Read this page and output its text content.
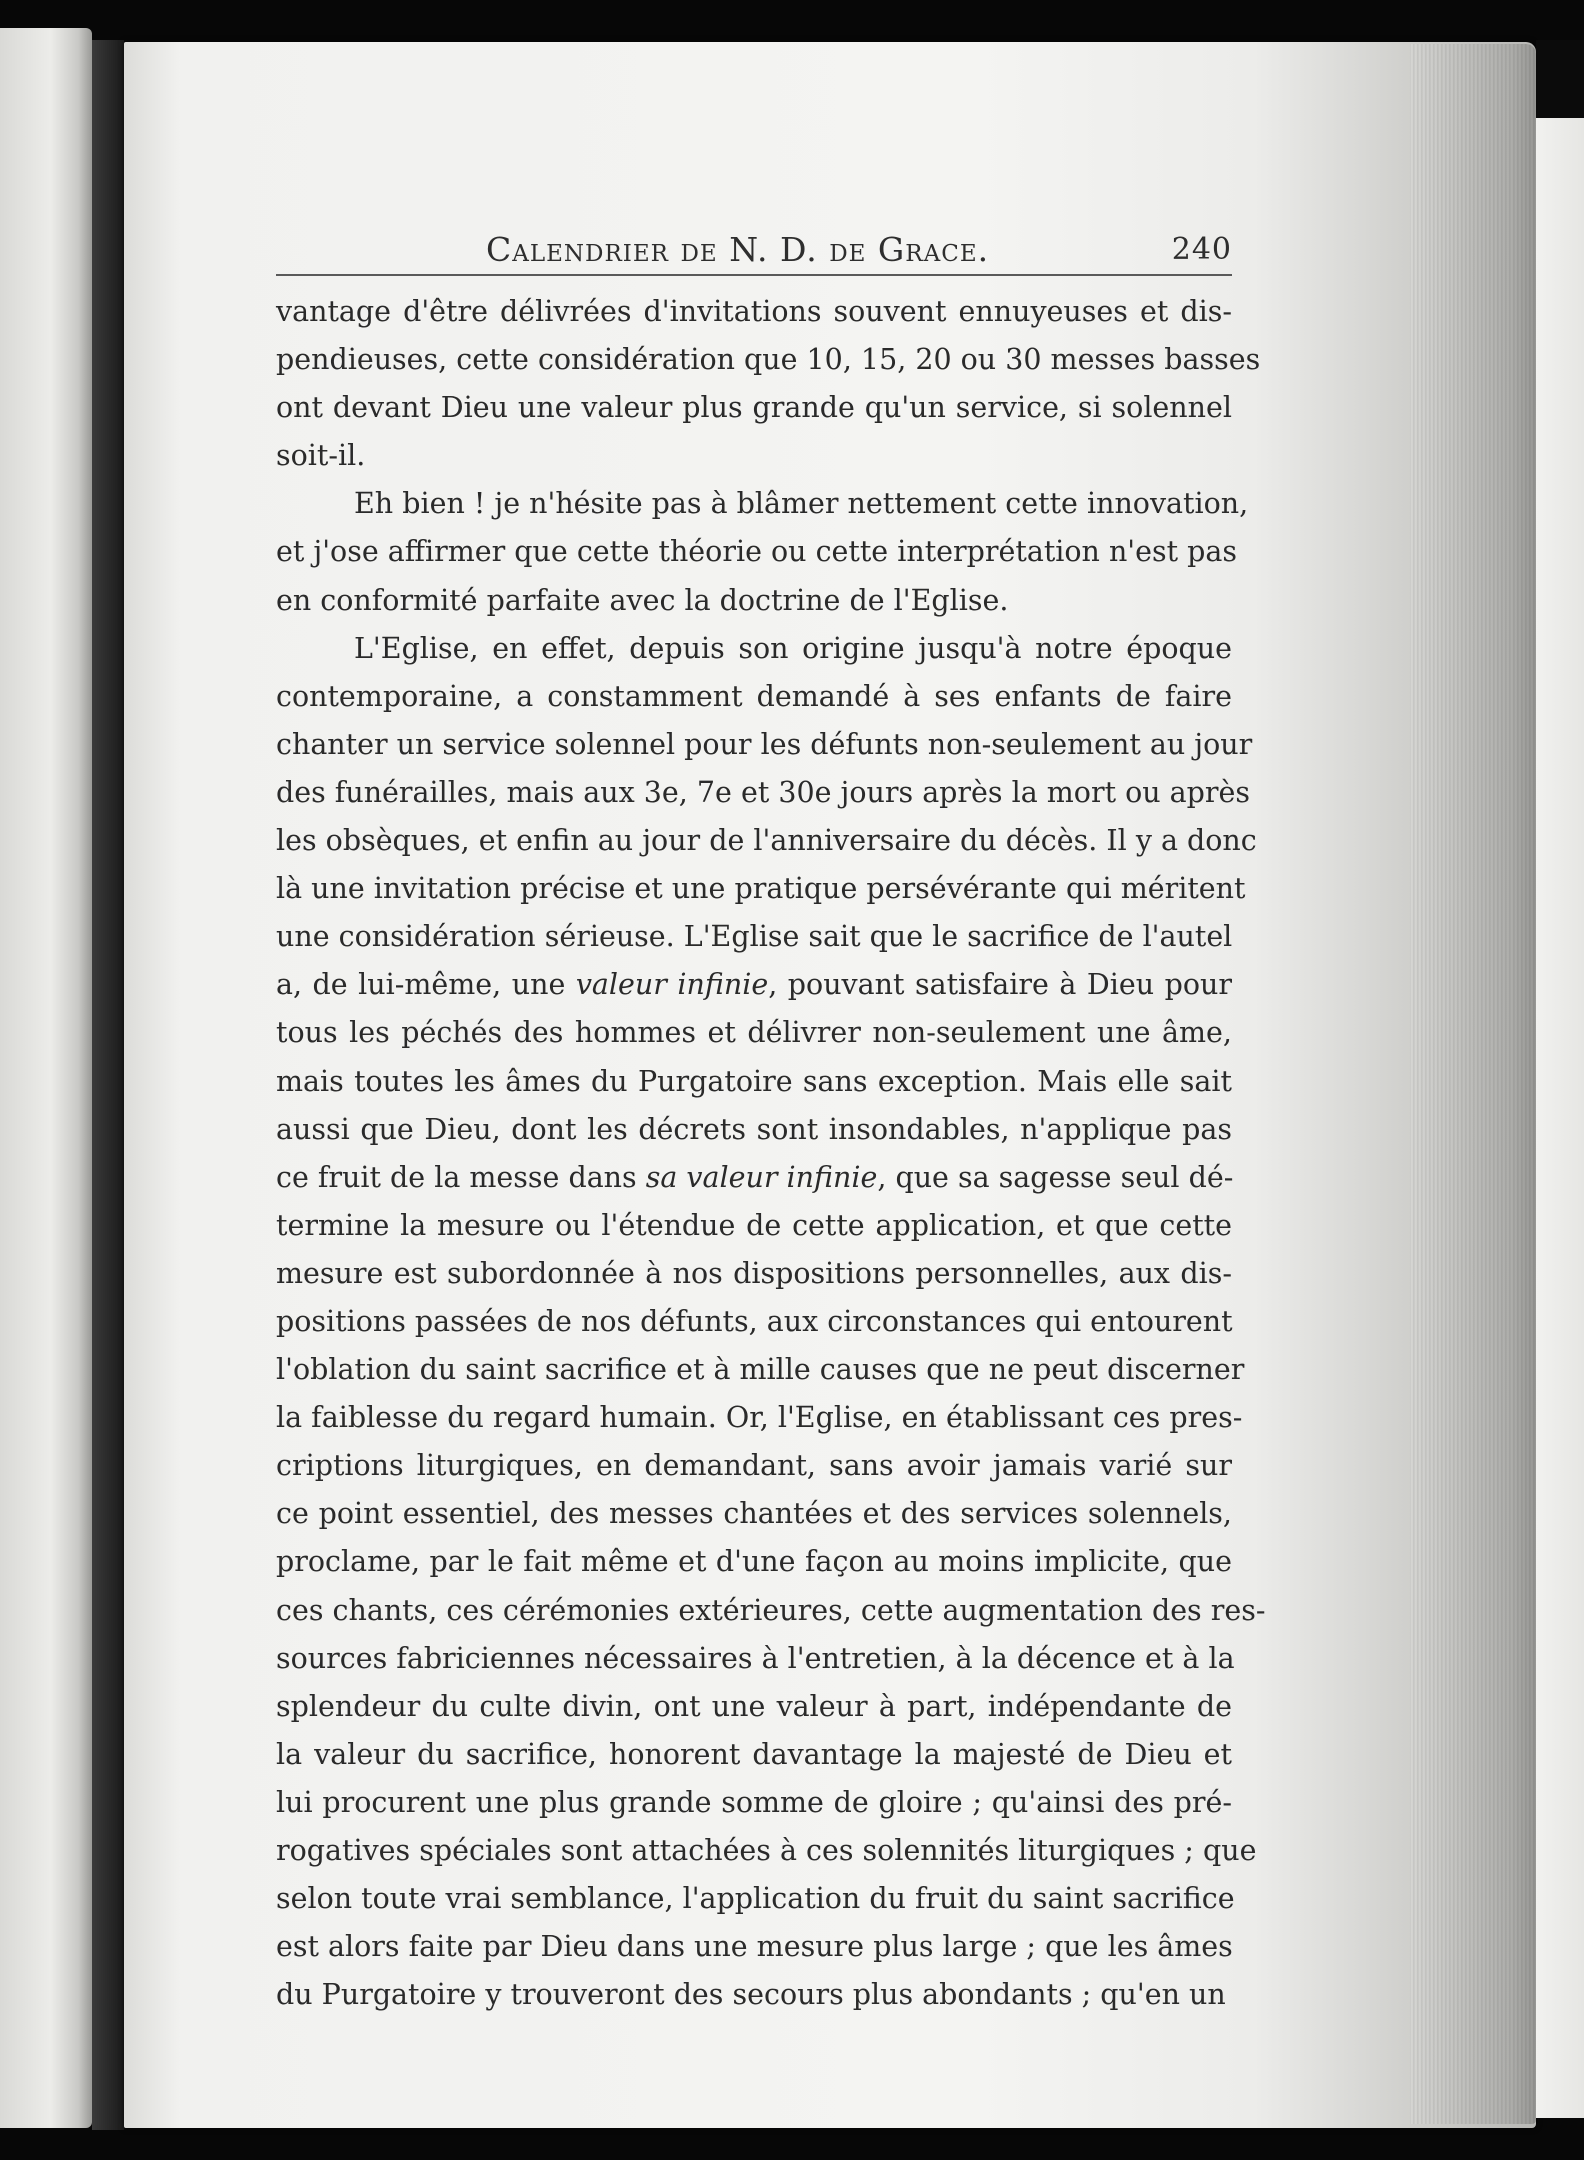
Calendrier de N. D. de Grace.	240

vantage d'être délivrées d'invitations souvent ennuyeuses et dis-
pendieuses, cette considération que 10, 15, 20 ou 30 messes basses
ont devant Dieu une valeur plus grande qu'un service, si solennel
soit-il.

Eh bien ! je n'hésite pas à blâmer nettement cette innovation,
et j'ose affirmer que cette théorie ou cette interprétation n'est pas
en conformité parfaite avec la doctrine de l'Eglise.

L'Eglise, en effet, depuis son origine jusqu'à notre époque
contemporaine, a constamment demandé à ses enfants de faire
chanter un service solennel pour les défunts non-seulement au jour
des funérailles, mais aux 3e, 7e et 30e jours après la mort ou après
les obsèques, et enfin au jour de l'anniversaire du décès. Il y a donc
là une invitation précise et une pratique persévérante qui méritent
une considération sérieuse. L'Eglise sait que le sacrifice de l'autel
a, de lui-même, une valeur infinie, pouvant satisfaire à Dieu pour
tous les péchés des hommes et délivrer non-seulement une âme,
mais toutes les âmes du Purgatoire sans exception. Mais elle sait
aussi que Dieu, dont les décrets sont insondables, n'applique pas
ce fruit de la messe dans sa valeur infinie, que sa sagesse seul dé-
termine la mesure ou l'étendue de cette application, et que cette
mesure est subordonnée à nos dispositions personnelles, aux dis-
positions passées de nos défunts, aux circonstances qui entourent
l'oblation du saint sacrifice et à mille causes que ne peut discerner
la faiblesse du regard humain. Or, l'Eglise, en établissant ces pres-
criptions liturgiques, en demandant, sans avoir jamais varié sur
ce point essentiel, des messes chantées et des services solennels,
proclame, par le fait même et d'une façon au moins implicite, que
ces chants, ces cérémonies extérieures, cette augmentation des res-
sources fabriciennes nécessaires à l'entretien, à la décence et à la
splendeur du culte divin, ont une valeur à part, indépendante de
la valeur du sacrifice, honorent davantage la majesté de Dieu et
lui procurent une plus grande somme de gloire ; qu'ainsi des pré-
rogatives spéciales sont attachées à ces solennités liturgiques ; que
selon toute vrai semblance, l'application du fruit du saint sacrifice
est alors faite par Dieu dans une mesure plus large ; que les âmes
du Purgatoire y trouveront des secours plus abondants ; qu'en un
